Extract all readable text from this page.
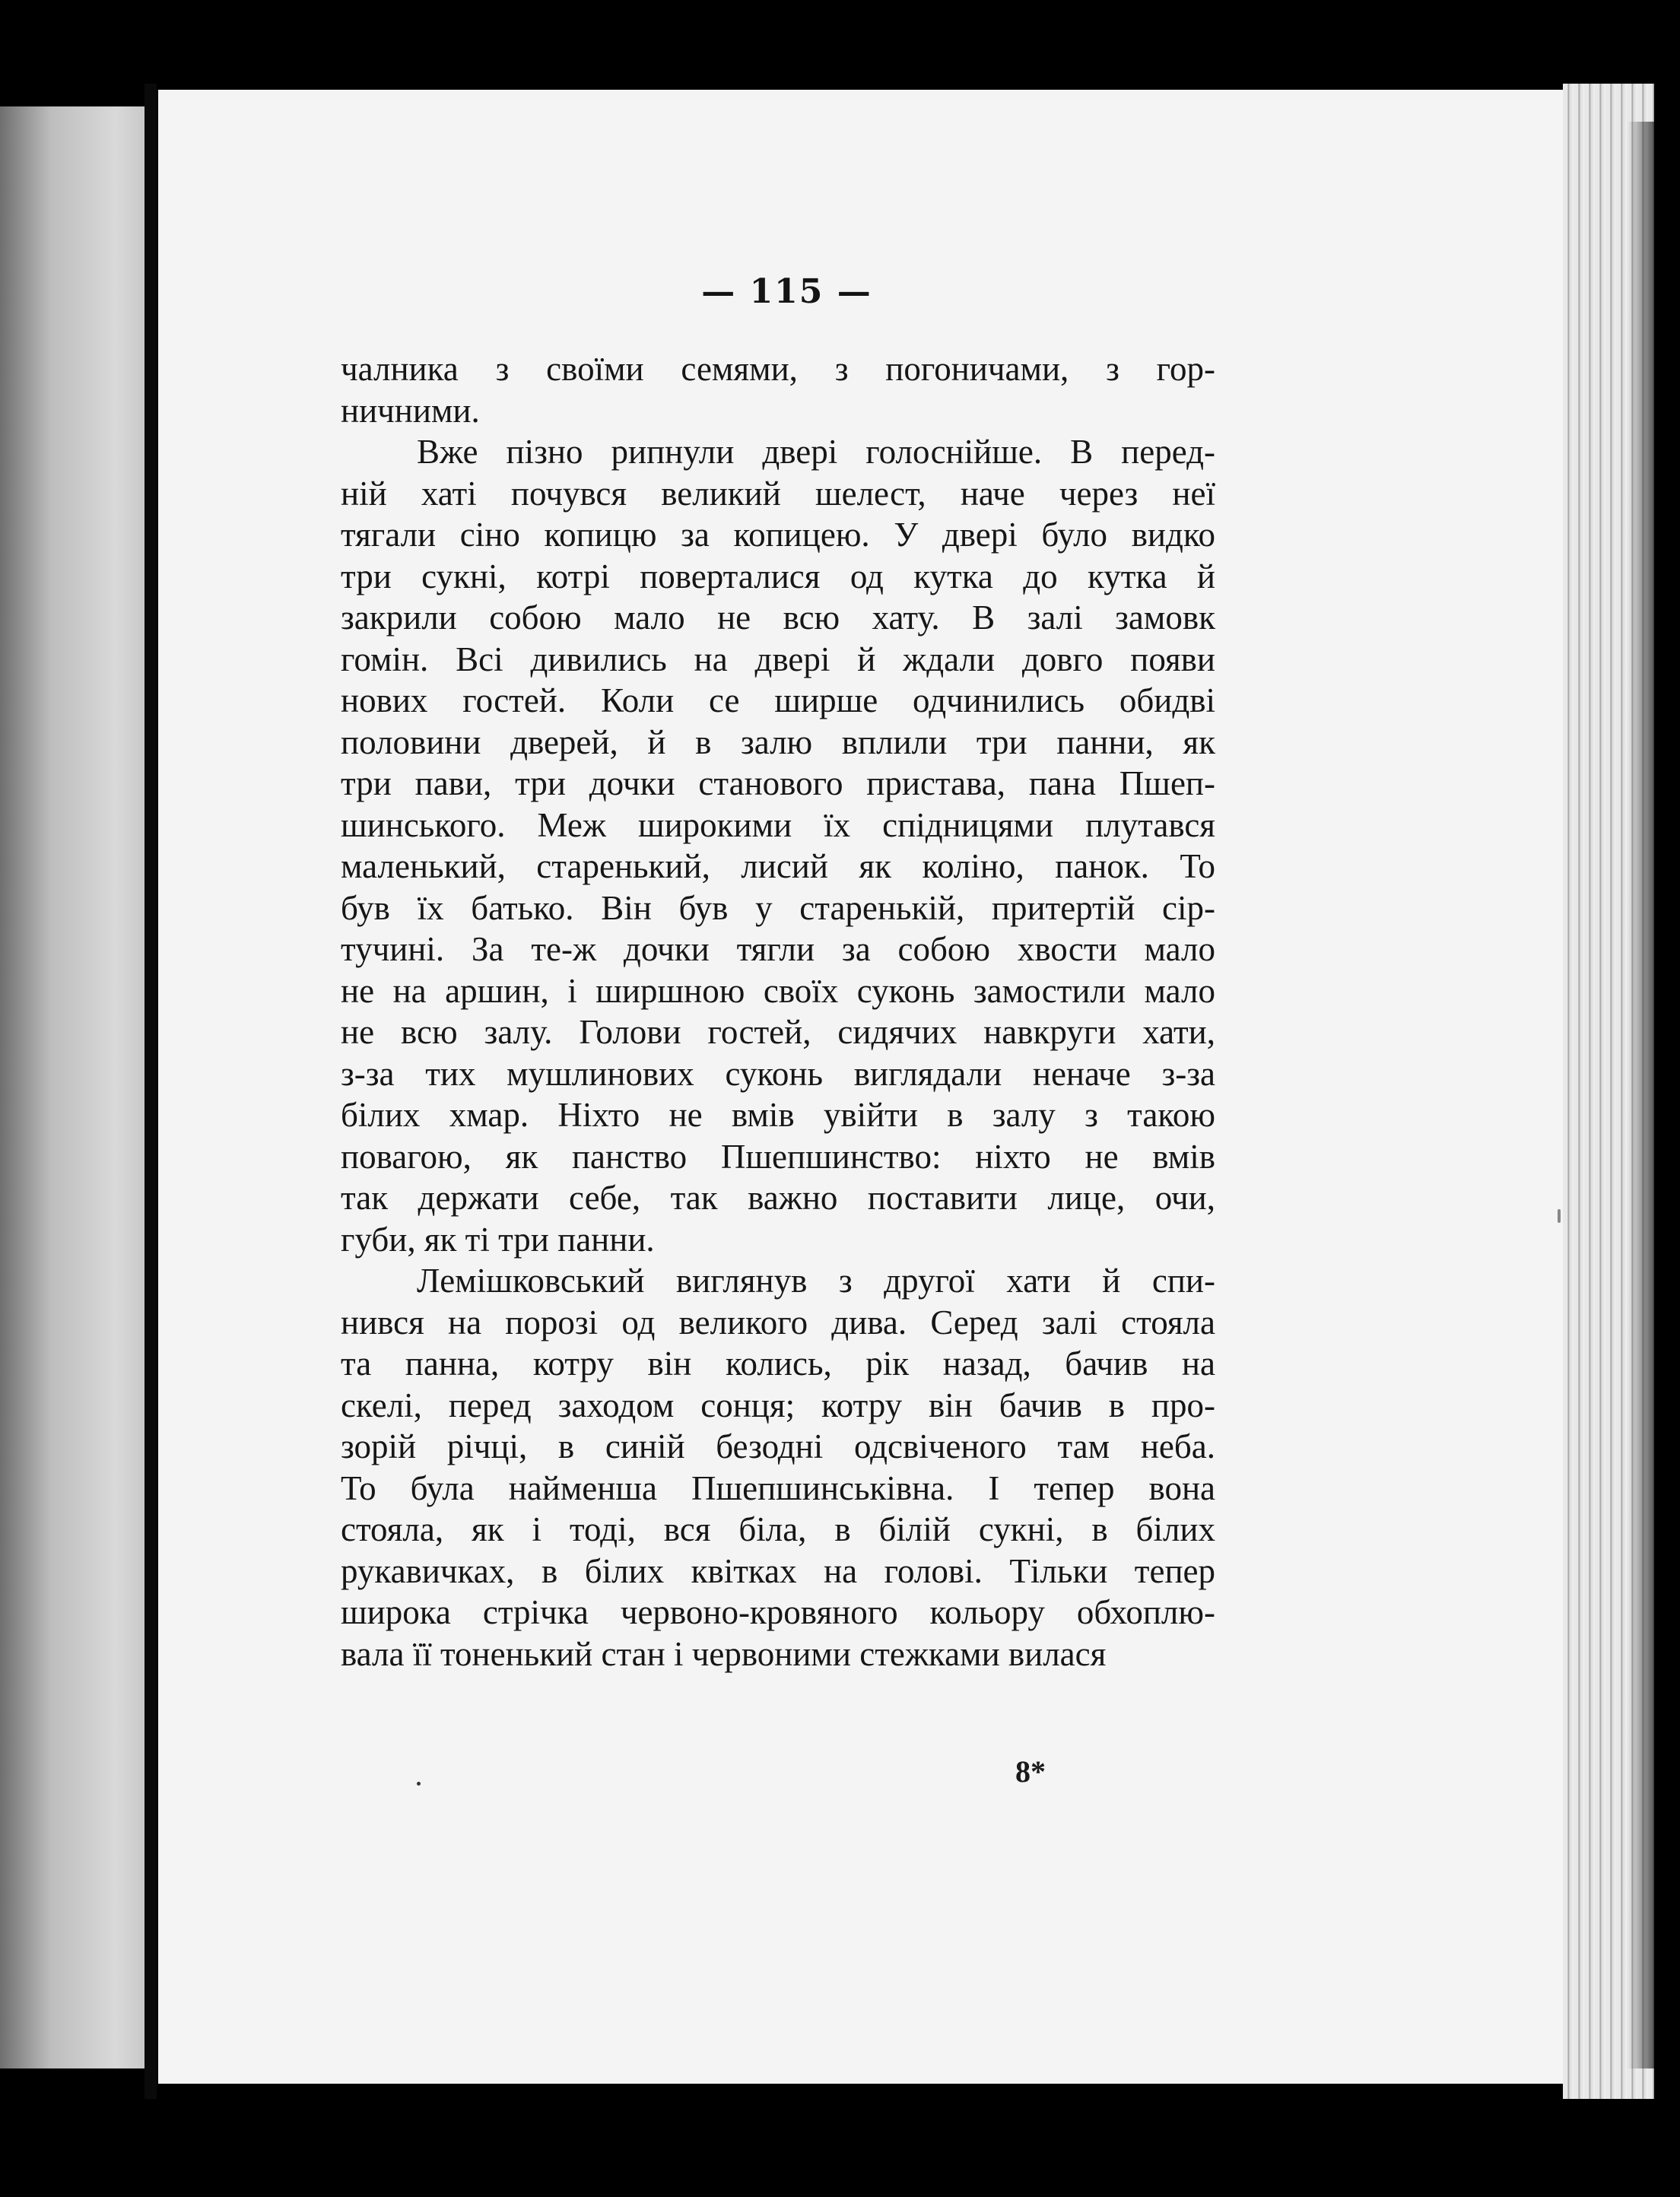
— 115 —
чалника з своїми семями, з погоничами, з гор-
ничними.
Вже пізно рипнули двері голоснійше. В перед-
ній хаті почувся великий шелест, наче через неї
тягали сіно копицю за копицею. У двері було видко
три сукні, котрі поверталися од кутка до кутка й
закрили собою мало не всю хату. В залі замовк
гомін. Всі дивились на двері й ждали довго появи
нових гостей. Коли се ширше одчинились обидві
половини дверей, й в залю вплили три панни, як
три пави, три дочки станового пристава, пана Пшеп-
шинського. Меж широкими їх спідницями плутався
маленький, старенький, лисий як коліно, панок. То
був їх батько. Він був у старенькій, притертій сір-
тучині. За те-ж дочки тягли за собою хвости мало
не на аршин, і ширшною своїх суконь замостили мало
не всю залу. Голови гостей, сидячих навкруги хати,
з-за тих мушлинових суконь виглядали неначе з-за
білих хмар. Ніхто не вмів увійти в залу з такою
повагою, як панство Пшепшинство: ніхто не вмів
так держати себе, так важно поставити лице, очи,
губи, як ті три панни.
Лемішковський виглянув з другої хати й спи-
нився на порозі од великого дива. Серед залі стояла
та панна, котру він колись, рік назад, бачив на
скелі, перед заходом сонця; котру він бачив в про-
зорій річці, в синій безодні одсвіченого там неба.
То була найменша Пшепшинськівна. І тепер вона
стояла, як і тоді, вся біла, в білій сукні, в білих
рукавичках, в білих квітках на голові. Тільки тепер
широка стрічка червоно-кровяного кольору обхоплю-
вала її тоненький стан і червоними стежками вилася
8*
